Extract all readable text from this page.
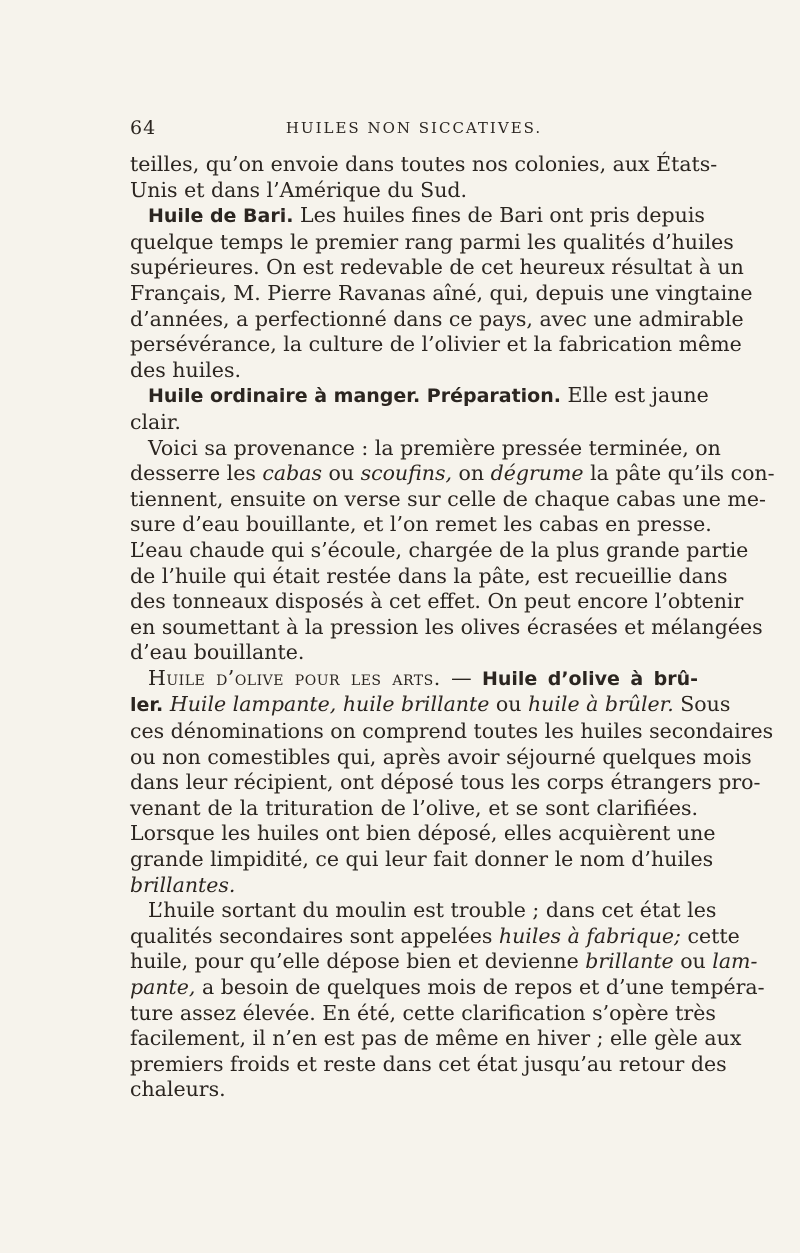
64	HUILES NON SICCATIVES.
teilles, qu’on envoie dans toutes nos colonies, aux États-
Unis et dans l’Amérique du Sud.
Huile de Bari. Les huiles fines de Bari ont pris depuis
quelque temps le premier rang parmi les qualités d’huiles
supérieures. On est redevable de cet heureux résultat à un
Français, M. Pierre Ravanas aîné, qui, depuis une vingtaine
d’années, a perfectionné dans ce pays, avec une admirable
persévérance, la culture de l’olivier et la fabrication même
des huiles.
Huile ordinaire à manger. Préparation. Elle est jaune
clair.
Voici sa provenance : la première pressée terminée, on
desserre les cabas ou scoufins, on dégrume la pâte qu’ils con-
tiennent, ensuite on verse sur celle de chaque cabas une me-
sure d’eau bouillante, et l’on remet les cabas en presse.
L’eau chaude qui s’écoule, chargée de la plus grande partie
de l’huile qui était restée dans la pâte, est recueillie dans
des tonneaux disposés à cet effet. On peut encore l’obtenir
en soumettant à la pression les olives écrasées et mélangées
d’eau bouillante.
Huile d’olive pour les arts. — Huile d’olive à brû-
ler. Huile lampante, huile brillante ou huile à brûler. Sous
ces dénominations on comprend toutes les huiles secondaires
ou non comestibles qui, après avoir séjourné quelques mois
dans leur récipient, ont déposé tous les corps étrangers pro-
venant de la trituration de l’olive, et se sont clarifiées.
Lorsque les huiles ont bien déposé, elles acquièrent une
grande limpidité, ce qui leur fait donner le nom d’huiles
brillantes.
L’huile sortant du moulin est trouble ; dans cet état les
qualités secondaires sont appelées huiles à fabrique; cette
huile, pour qu’elle dépose bien et devienne brillante ou lam-
pante, a besoin de quelques mois de repos et d’une tempéra-
ture assez élevée. En été, cette clarification s’opère très
facilement, il n’en est pas de même en hiver ; elle gèle aux
premiers froids et reste dans cet état jusqu’au retour des
chaleurs.
